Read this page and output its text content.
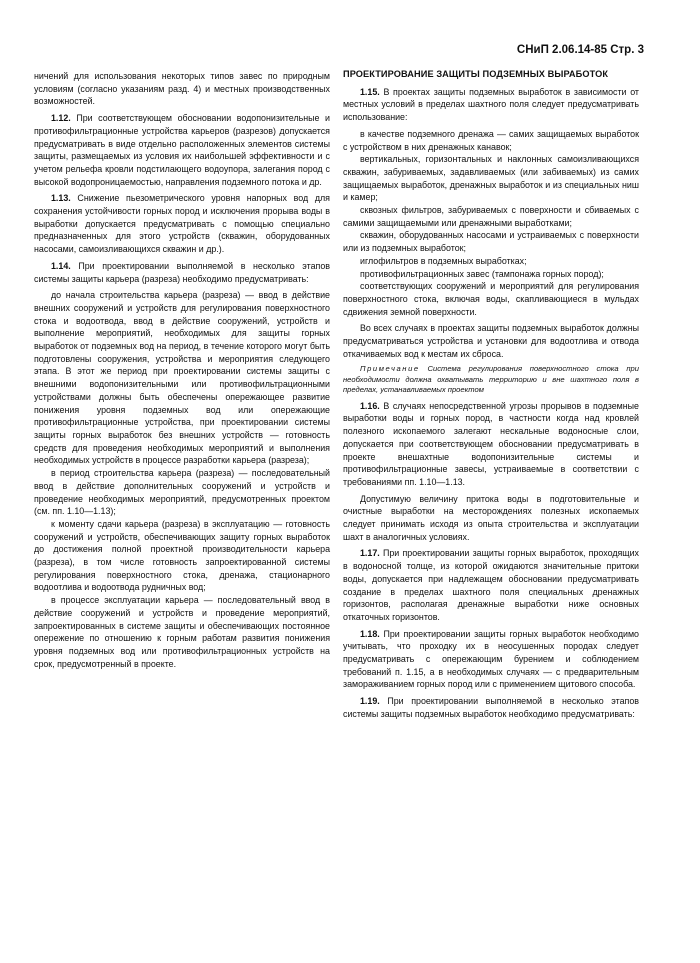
СНиП 2.06.14-85 Стр. 3

ничений для использования некоторых типов завес по природным условиям (согласно указаниям разд. 4) и местных производственных возможностей.

1.12. При соответствующем обосновании водопонизительные и противофильтрационные устройства карьеров (разрезов) допускается предусматривать в виде отдельно расположенных элементов системы защиты, размещаемых из условия их наибольшей эффективности и с учетом рельефа кровли подстилающего водоупора, залегания пород с высокой водопроницаемостью, направления подземного потока и др.

1.13. Снижение пьезометрического уровня напорных вод для сохранения устойчивости горных пород и исключения прорыва воды в выработки допускается предусматривать с помощью специально предназначенных для этого устройств (скважин, оборудованных насосами, самоизливающихся скважин и др.).

1.14. При проектировании выполняемой в несколько этапов системы защиты карьера (разреза) необходимо предусматривать:

до начала строительства карьера (разреза) — ввод в действие внешних сооружений и устройств для регулирования поверхностного стока и водоотвода, ввод в действие сооружений, устройств и выполнение мероприятий, необходимых для защиты горных выработок от подземных вод на период, в течение которого могут быть подготовлены сооружения, устройства и мероприятия следующего этапа. В этот же период при проектировании системы защиты с внешними водопонизительными или противофильтрационными устройствами должны быть обеспечены опережающее развитие понижения уровня подземных вод или опережающие противофильтрационные устройства, при проектировании системы защиты горных выработок без внешних устройств — готовность средств для проведения необходимых мероприятий и выполнения необходимых устройств в процессе разработки карьера (разреза);

в период строительства карьера (разреза) — последовательный ввод в действие дополнительных сооружений и устройств и проведение необходимых мероприятий, предусмотренных проектом (см. пп. 1.10—1.13);

к моменту сдачи карьера (разреза) в эксплуатацию — готовность сооружений и устройств, обеспечивающих защиту горных выработок до достижения полной проектной производительности карьера (разреза), в том числе готовность запроектированной системы регулирования поверхностного стока, дренажа, стационарного водоотлива и водоотвода рудничных вод;

в процессе эксплуатации карьера — последовательный ввод в действие сооружений и устройств и проведение мероприятий, запроектированных в системе защиты и обеспечивающих постоянное опережение по отношению к горным работам развития понижения уровня подземных вод или противофильтрационных устройств на срок, предусмотренный в проекте.

ПРОЕКТИРОВАНИЕ ЗАЩИТЫ ПОДЗЕМНЫХ ВЫРАБОТОК

1.15. В проектах защиты подземных выработок в зависимости от местных условий в пределах шахтного поля следует предусматривать использование:

в качестве подземного дренажа — самих защищаемых выработок с устройством в них дренажных канавок;

вертикальных, горизонтальных и наклонных самоизливающихся скважин, забуриваемых, задавливаемых (или забиваемых) из самих защищаемых выработок, дренажных выработок и из специальных ниш и камер;

сквозных фильтров, забуриваемых с поверхности и сбиваемых с самими защищаемыми или дренажными выработками;

скважин, оборудованных насосами и устраиваемых с поверхности или из подземных выработок;

иглофильтров в подземных выработках;

противофильтрационных завес (тампонажа горных пород);

соответствующих сооружений и мероприятий для регулирования поверхностного стока, включая воды, скапливающиеся в мульдах сдвижения земной поверхности.

Во всех случаях в проектах защиты подземных выработок должны предусматриваться устройства и установки для водоотлива и отвода откачиваемых вод к местам их сброса.

Примечание Система регулирования поверхностного стока при необходимости должна охватывать территорию и вне шахтного поля в пределах, устанавливаемых проектом

1.16. В случаях непосредственной угрозы прорывов в подземные выработки воды и горных пород, в частности когда над кровлей полезного ископаемого залегают нескальные водоносные слои, допускается при соответствующем обосновании предусматривать в проекте внешахтные водопонизительные системы и противофильтрационные завесы, устраиваемые в соответствии с требованиями пп. 1.10—1.13.

Допустимую величину притока воды в подготовительные и очистные выработки на месторождениях полезных ископаемых следует принимать исходя из опыта строительства и эксплуатации шахт в аналогичных условиях.

1.17. При проектировании защиты горных выработок, проходящих в водоносной толще, из которой ожидаются значительные притоки воды, допускается при надлежащем обосновании предусматривать создание в пределах шахтного поля специальных дренажных горизонтов, располагая дренажные выработки ниже основных откаточных горизонтов.

1.18. При проектировании защиты горных выработок необходимо учитывать, что проходку их в неосушенных породах следует предусматривать с опережающим бурением и соблюдением требований п. 1.15, а в необходимых случаях — с предварительным замораживанием горных пород или с применением щитового способа.

1.19. При проектировании выполняемой в несколько этапов системы защиты подземных выработок необходимо предусматривать:
